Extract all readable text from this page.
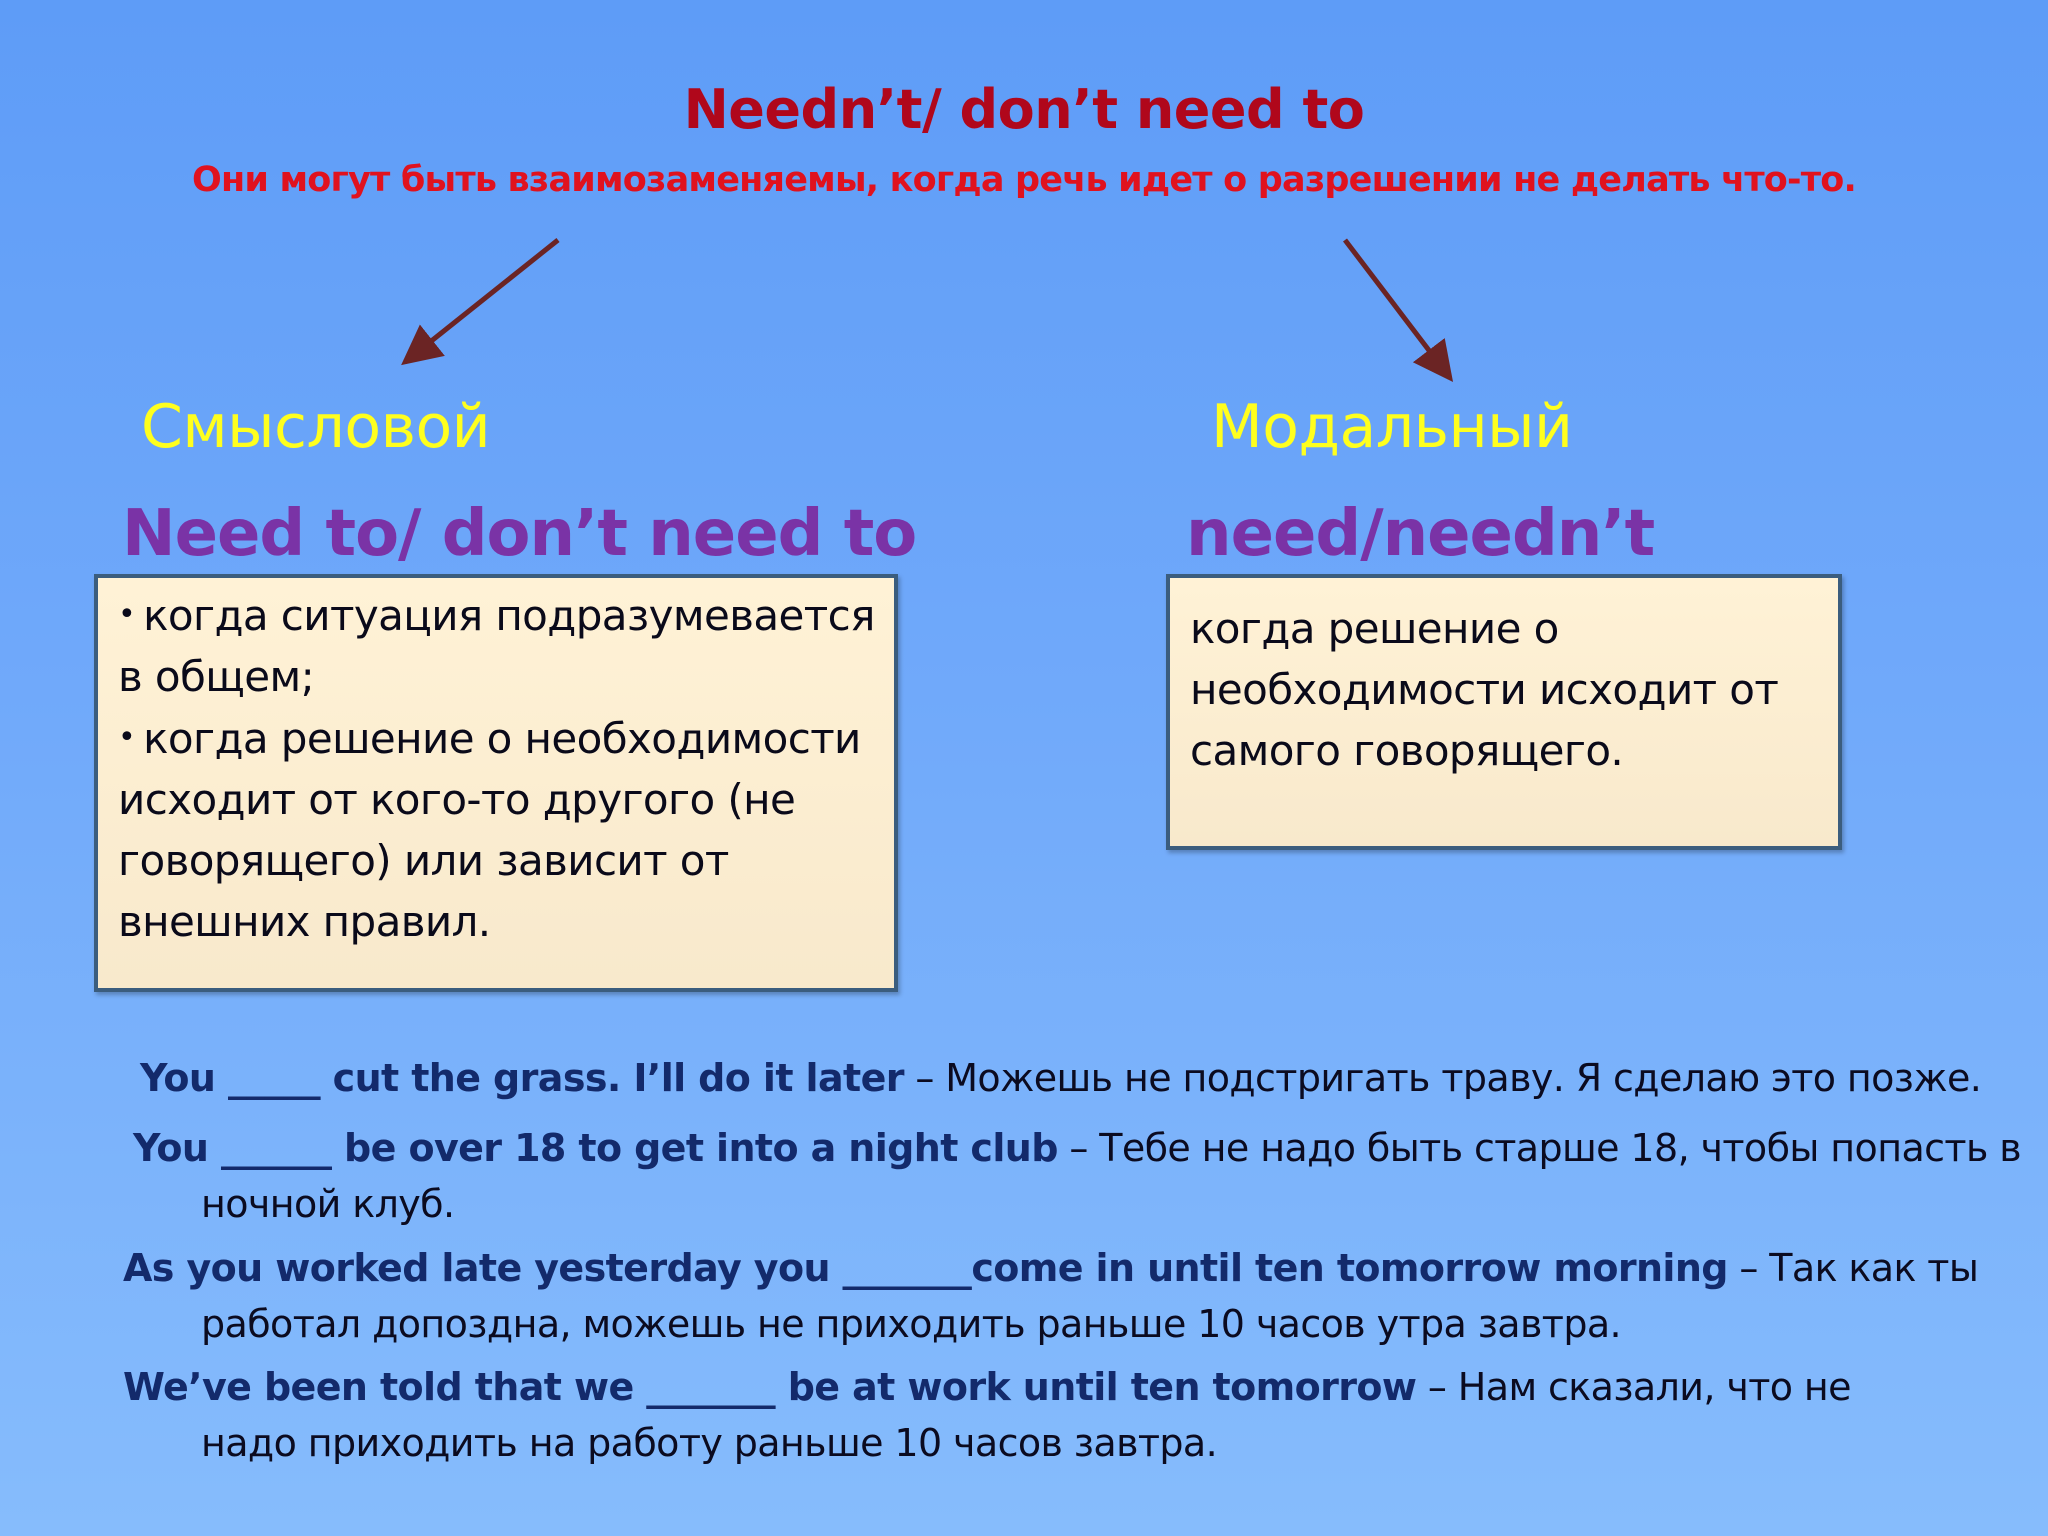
Needn’t/ don’t need to

Они могут быть взаимозаменяемы, когда речь идет о разрешении не делать что-то.

Смысловой

Need to/ don’t need to

• когда ситуация подразумевается в общем;
• когда решение о необходимости исходит от кого-то другого (не говорящего) или зависит от внешних правил.

Модальный

need/needn’t

когда решение о необходимости исходит от самого говорящего.

You _____ cut the grass. I’ll do it later – Можешь не подстригать траву. Я сделаю это позже.

You ______ be over 18 to get into a night club – Тебе не надо быть старше 18, чтобы попасть в
ночной клуб.

As you worked late yesterday you _______come in until ten tomorrow morning – Так как ты
работал допоздна, можешь не приходить раньше 10 часов утра завтра.

We’ve been told that we _______ be at work until ten tomorrow – Нам сказали, что не
надо приходить на работу раньше 10 часов завтра.
